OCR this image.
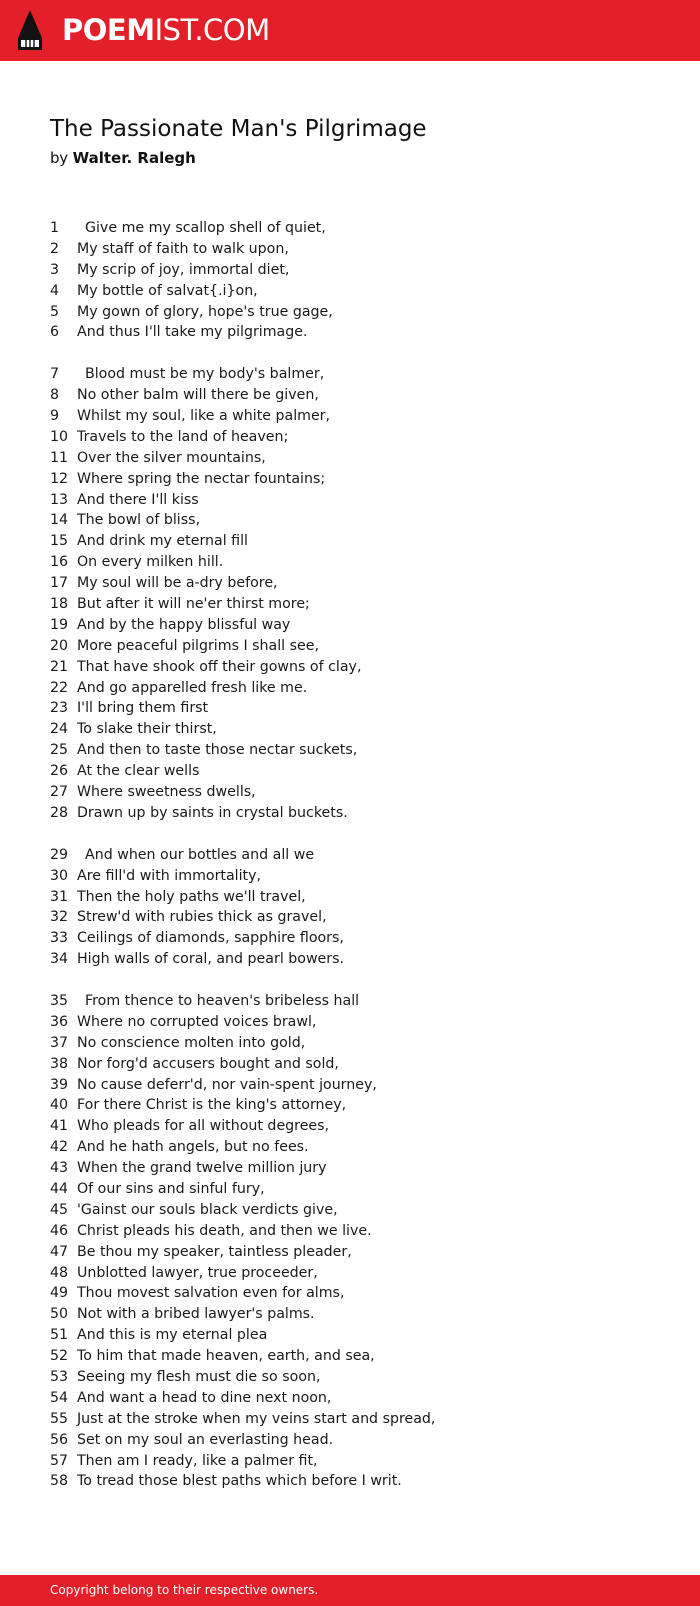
POEMIST.COM
The Passionate Man's Pilgrimage
by Walter. Ralegh
1	Give me my scallop shell of quiet,
2	My staff of faith to walk upon,
3	My scrip of joy, immortal diet,
4	My bottle of salvat{.i}on,
5	My gown of glory, hope's true gage,
6	And thus I'll take my pilgrimage.
7	Blood must be my body's balmer,
8	No other balm will there be given,
9	Whilst my soul, like a white palmer,
10 Travels to the land of heaven;
11 Over the silver mountains,
12 Where spring the nectar fountains;
13 And there I'll kiss
14 The bowl of bliss,
15 And drink my eternal fill
16 On every milken hill.
17 My soul will be a-dry before,
18 But after it will ne'er thirst more;
19 And by the happy blissful way
20 More peaceful pilgrims I shall see,
21 That have shook off their gowns of clay,
22 And go apparelled fresh like me.
23 I'll bring them first
24 To slake their thirst,
25 And then to taste those nectar suckets,
26 At the clear wells
27 Where sweetness dwells,
28 Drawn up by saints in crystal buckets.
29	And when our bottles and all we
30 Are fill'd with immortality,
31 Then the holy paths we'll travel,
32 Strew'd with rubies thick as gravel,
33 Ceilings of diamonds, sapphire floors,
34 High walls of coral, and pearl bowers.
35	From thence to heaven's bribeless hall
36 Where no corrupted voices brawl,
37 No conscience molten into gold,
38 Nor forg'd accusers bought and sold,
39 No cause deferr'd, nor vain-spent journey,
40 For there Christ is the king's attorney,
41 Who pleads for all without degrees,
42 And he hath angels, but no fees.
43 When the grand twelve million jury
44 Of our sins and sinful fury,
45 'Gainst our souls black verdicts give,
46 Christ pleads his death, and then we live.
47 Be thou my speaker, taintless pleader,
48 Unblotted lawyer, true proceeder,
49 Thou movest salvation even for alms,
50 Not with a bribed lawyer's palms.
51 And this is my eternal plea
52 To him that made heaven, earth, and sea,
53 Seeing my flesh must die so soon,
54 And want a head to dine next noon,
55 Just at the stroke when my veins start and spread,
56 Set on my soul an everlasting head.
57 Then am I ready, like a palmer fit,
58 To tread those blest paths which before I writ.
Copyright belong to their respective owners.
